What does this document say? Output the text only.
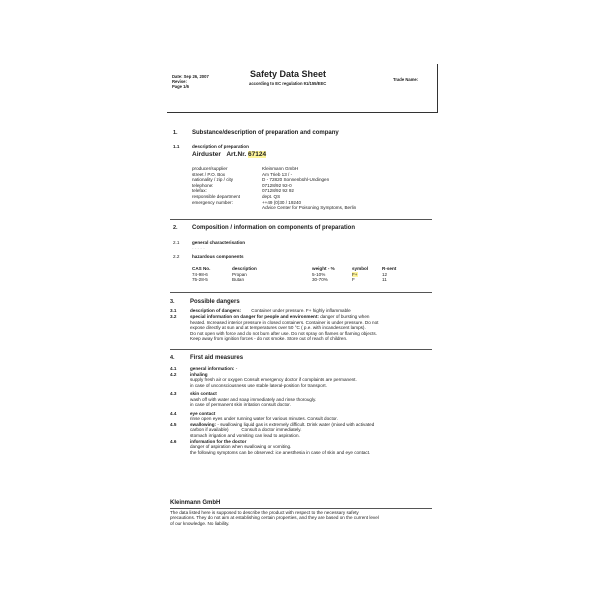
Date: Sep 26, 2007
Revise:
Page 1/6
Safety Data Sheet
according to EC regulation 91/155/EEC
Trade Name:
1. Substance/description of preparation and company
1.1	description of preparation
Airduster Art.Nr. 67124
producer/supplier	Kleinmann GmbH
street / P.O. Box	Am Trieb 13 / -
nationality / zip / city	D - 72820 Sonnenbühl-Undingen
telephone:	07128/92 92-0
telefax:	07128/92 92 92
responsible department	dept. QS
emergency number:	++49 (0)30 / 19240
Advice Center for Poisoning Symptoms, Berlin
2. Composition / information on components of preparation
2.1	general characterisation
- - - - -
2.2	hazardous components
CAS No.	description	weight - %	symbol	R-sent
74-98-6	Propan	5-10%	F+	12
75-28-5	Butan	30-70%	F	11
3.	Possible dangers
3.1	description of dangers: Container under pressure. F+ highly inflammable
3.2	special information on danger for people and environment: danger of bursting when
heated. Increased interior pressure in closed containers. Container is under pressure. Do not
expose directly at sun and at temperatures over 50 °C ( p.e. with incandescent lamps).
Do not open with force and do not burn after use. Do not spray on flames or flaming objects.
Keep away from ignition forces - do not smoke. Store out of reach of children.
4.	First aid measures
4.1	general information: -
4.2	inhaling
supply fresh air or oxygen Consult emergency doctor if complaints are permanent.
in case of unconsciousness use stable lateral-position for transport.
4.3	skin contact
wash off with water and soap immediately and rinse thorougly.
in case of permanent skin irritation consult doctor.
4.4	eye contact
rinse open eyes under running water for various minutes. Consult doctor.
4.5	swallowing: - swallowing liquid gas is extremely difficult. Drink water (mixed with activated
carbon if available)          Consult a doctor immediately.
stomach irrigation and vomiting can lead to aspiration.
4.6	information for the doctor
danger of aspiration when swallowing or vomiting.
the following symptoms can be observed: ice anesthesia in case of skin and eye contact.
Kleinmann GmbH
The data listed here is supposed to describe the product with respect to the necessary safety
precautions. They do not aim at establishing certain properties, and they are based on the current level
of our knowledge. No liability.
